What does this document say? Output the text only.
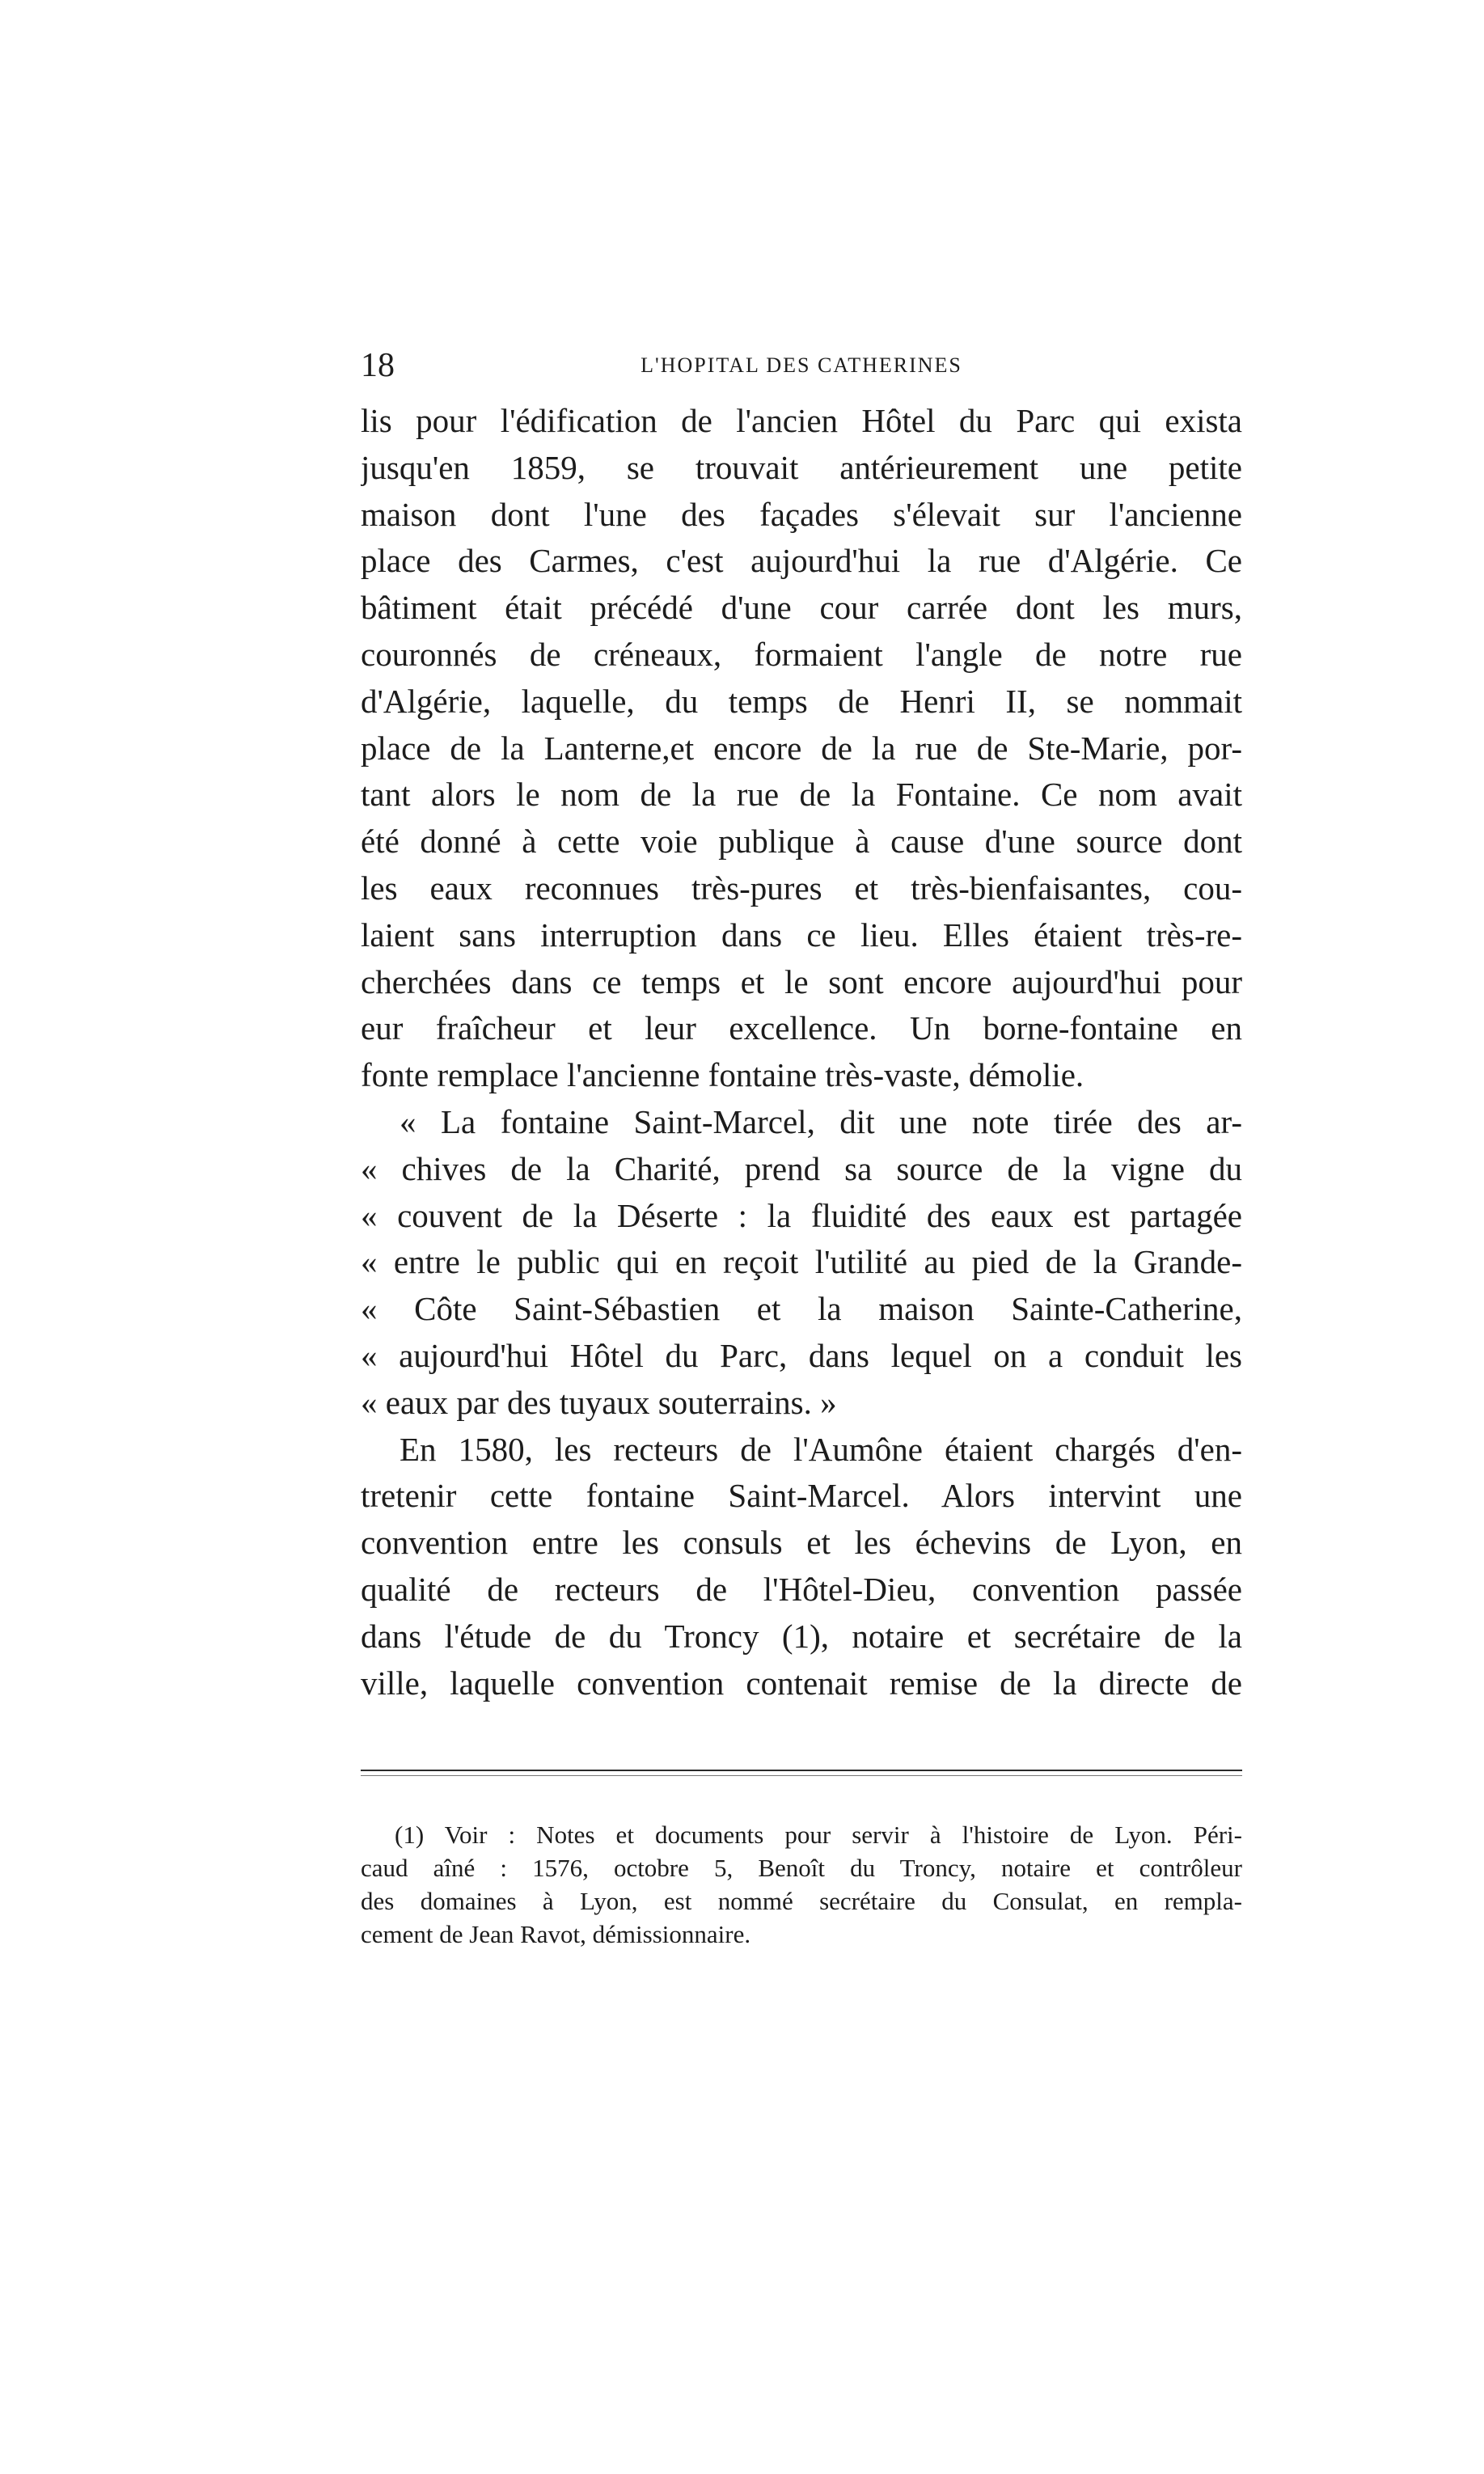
18	L'HOPITAL DES CATHERINES
lis pour l'édification de l'ancien Hôtel du Parc qui exista
jusqu'en 1859, se trouvait antérieurement une petite
maison dont l'une des façades s'élevait sur l'ancienne
place des Carmes, c'est aujourd'hui la rue d'Algérie. Ce
bâtiment était précédé d'une cour carrée dont les murs,
couronnés de créneaux, formaient l'angle de notre rue
d'Algérie, laquelle, du temps de Henri II, se nommait
place de la Lanterne,et encore de la rue de Ste-Marie, por-
tant alors le nom de la rue de la Fontaine. Ce nom avait
été donné à cette voie publique à cause d'une source dont
les eaux reconnues très-pures et très-bienfaisantes, cou-
laient sans interruption dans ce lieu. Elles étaient très-re-
cherchées dans ce temps et le sont encore aujourd'hui pour
eur fraîcheur et leur excellence. Un borne-fontaine en
fonte remplace l'ancienne fontaine très-vaste, démolie.
« La fontaine Saint-Marcel, dit une note tirée des ar-
« chives de la Charité, prend sa source de la vigne du
« couvent de la Déserte : la fluidité des eaux est partagée
« entre le public qui en reçoit l'utilité au pied de la Grande-
« Côte Saint-Sébastien et la maison Sainte-Catherine,
« aujourd'hui Hôtel du Parc, dans lequel on a conduit les
« eaux par des tuyaux souterrains. »
En 1580, les recteurs de l'Aumône étaient chargés d'en-
tretenir cette fontaine Saint-Marcel. Alors intervint une
convention entre les consuls et les échevins de Lyon, en
qualité de recteurs de l'Hôtel-Dieu, convention passée
dans l'étude de du Troncy (1), notaire et secrétaire de la
ville, laquelle convention contenait remise de la directe de
(1) Voir : Notes et documents pour servir à l'histoire de Lyon. Péri-
caud aîné : 1576, octobre 5, Benoît du Troncy, notaire et contrôleur
des domaines à Lyon, est nommé secrétaire du Consulat, en rempla-
cement de Jean Ravot, démissionnaire.
